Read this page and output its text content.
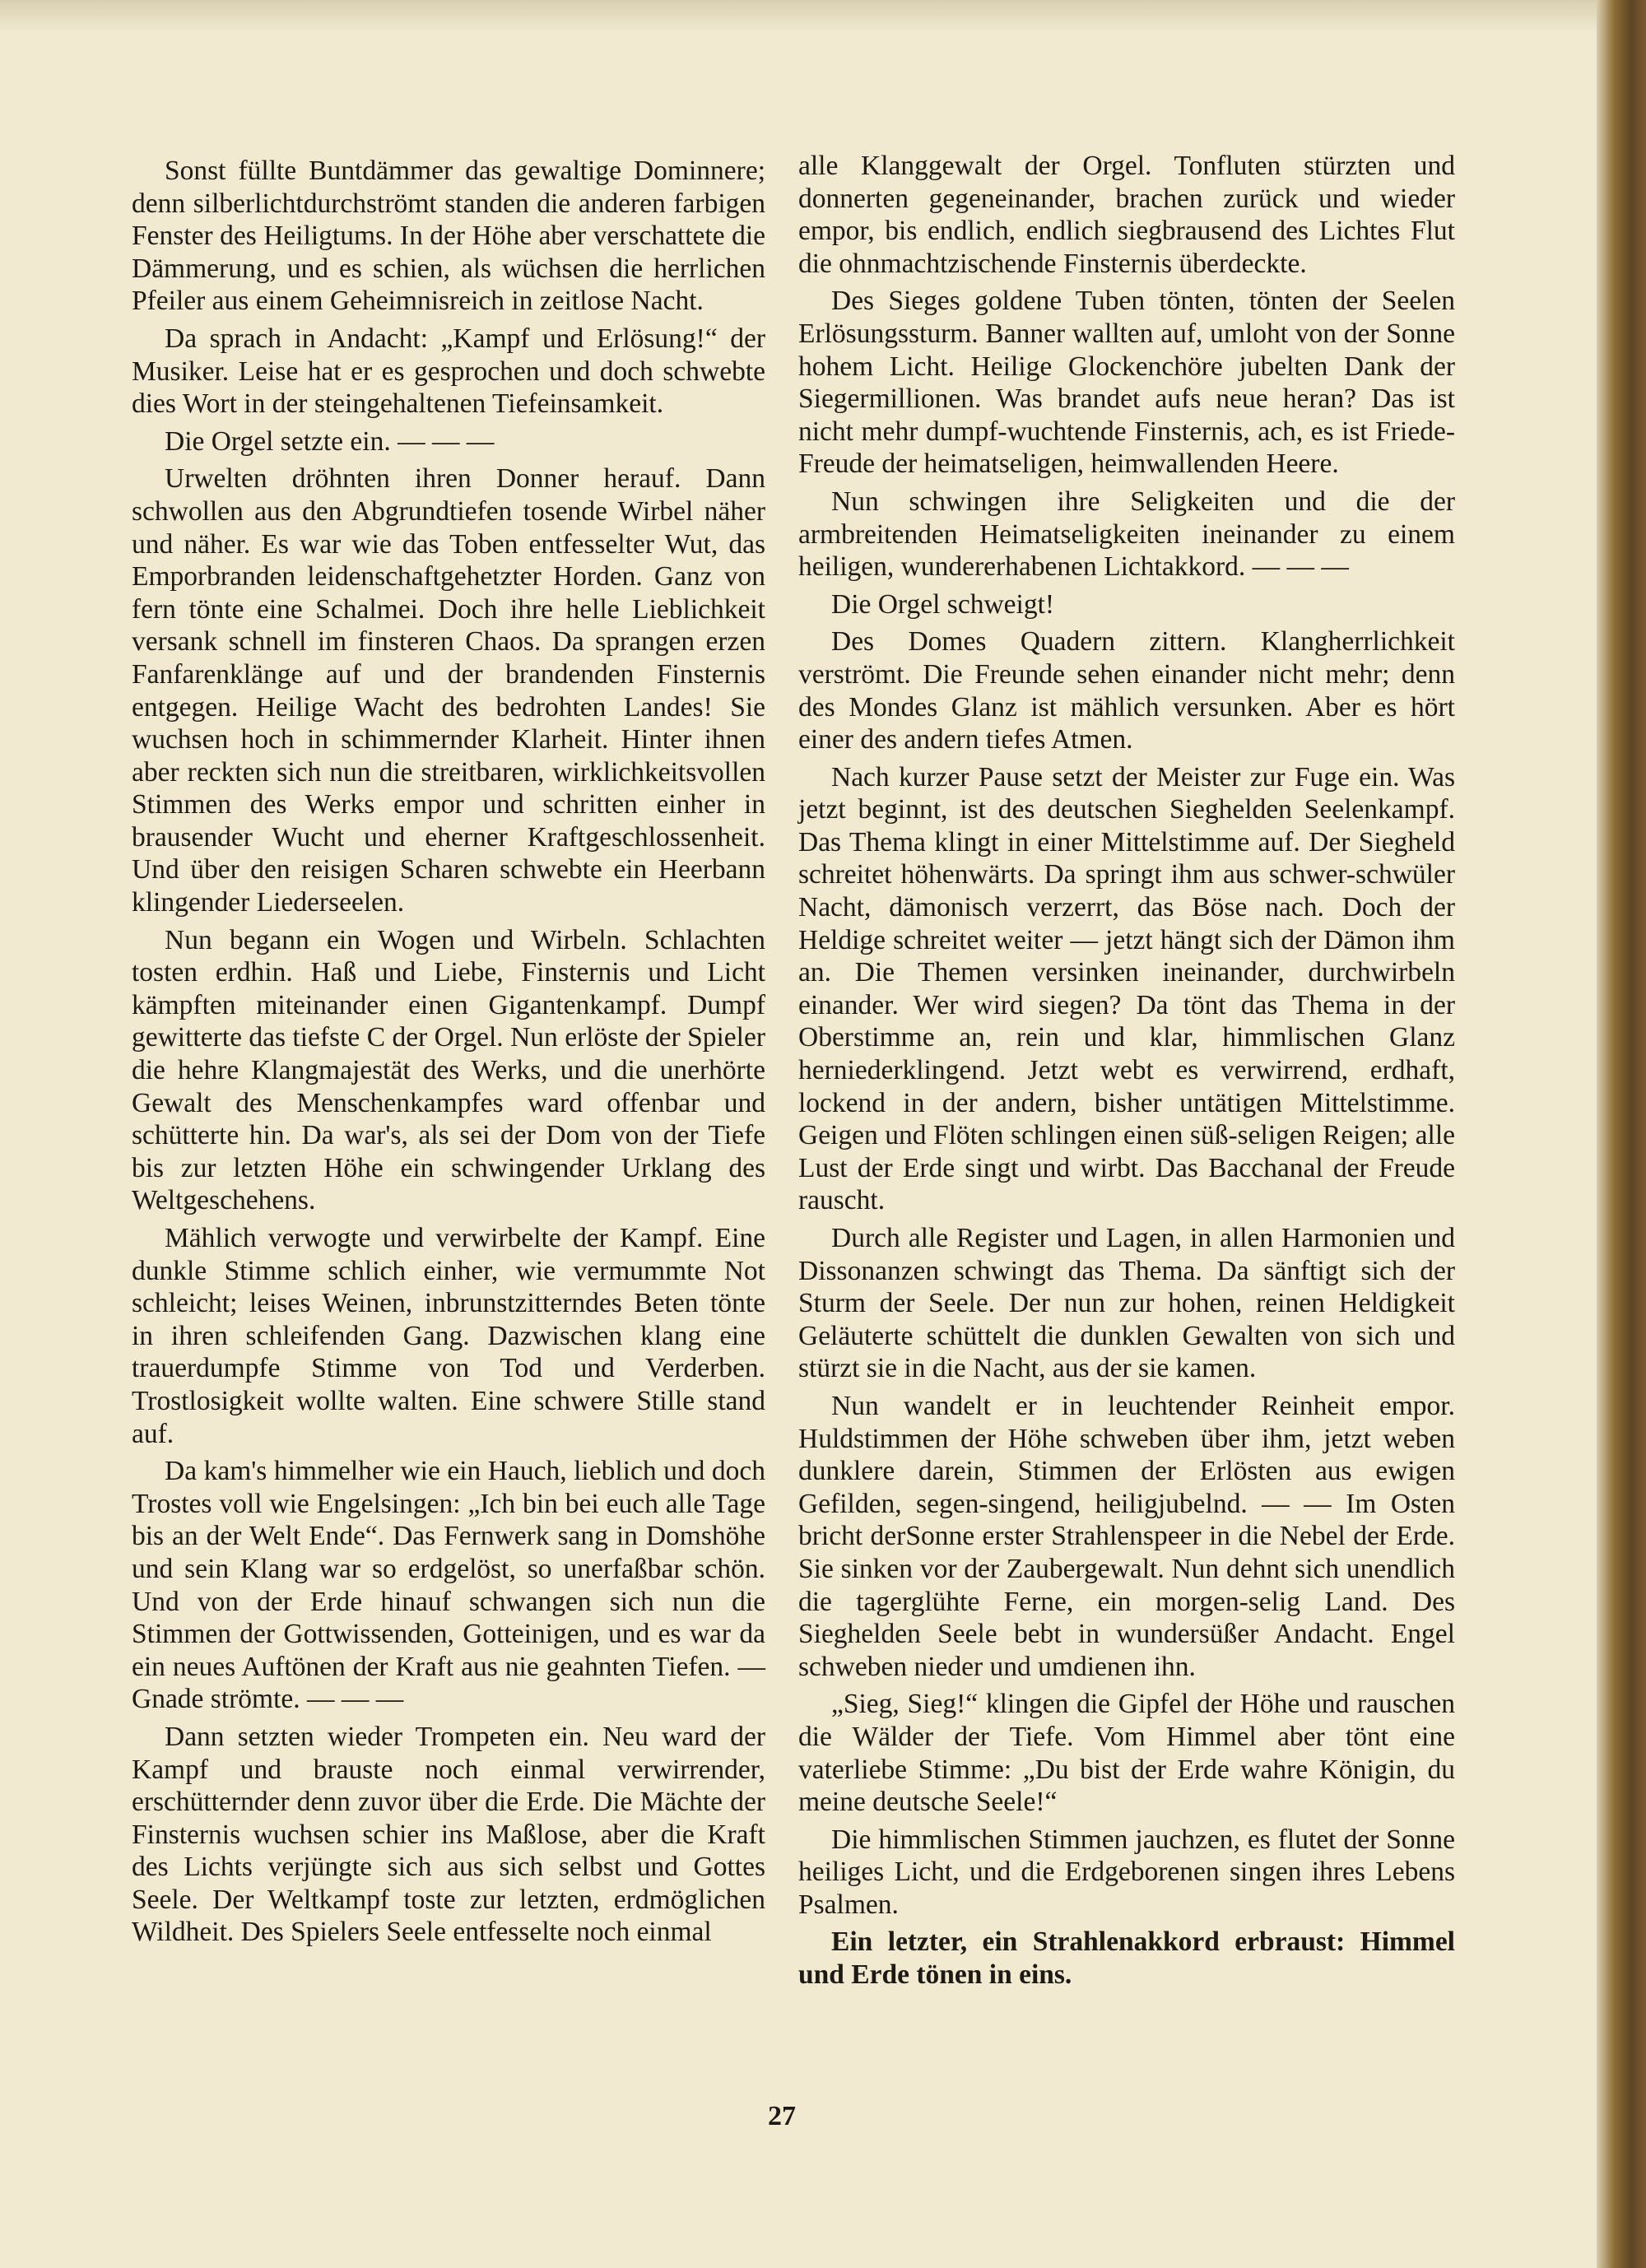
Sonst füllte Buntdämmer das gewaltige Dominnere; denn silberlichtdurchströmt standen die anderen farbigen Fenster des Heiligtums. In der Höhe aber verschattete die Dämmerung, und es schien, als wüchsen die herrlichen Pfeiler aus einem Geheimnisreich in zeitlose Nacht.

Da sprach in Andacht: „Kampf und Erlösung!“ der Musiker. Leise hat er es gesprochen und doch schwebte dies Wort in der steingehaltenen Tiefeinsamkeit.

Die Orgel setzte ein. — — —

Urwelten dröhnten ihren Donner herauf. Dann schwollen aus den Abgrundtiefen tosende Wirbel näher und näher. Es war wie das Toben entfesselter Wut, das Emporbranden leidenschaftgehetzter Horden. Ganz von fern tönte eine Schalmei. Doch ihre helle Lieblichkeit versank schnell im finsteren Chaos. Da sprangen erzen Fanfarenklänge auf und der brandenden Finsternis entgegen. Heilige Wacht des bedrohten Landes! Sie wuchsen hoch in schimmernder Klarheit. Hinter ihnen aber reckten sich nun die streitbaren, wirklichkeitsvollen Stimmen des Werks empor und schritten einher in brausender Wucht und eherner Kraftgeschlossenheit. Und über den reisigen Scharen schwebte ein Heerbann klingender Liederseelen.

Nun begann ein Wogen und Wirbeln. Schlachten tosten erdhin. Haß und Liebe, Finsternis und Licht kämpften miteinander einen Gigantenkampf. Dumpf gewitterte das tiefste C der Orgel. Nun erlöste der Spieler die hehre Klangmajestät des Werks, und die unerhörte Gewalt des Menschenkampfes ward offenbar und schütterte hin. Da war's, als sei der Dom von der Tiefe bis zur letzten Höhe ein schwingender Urklang des Weltgeschehens.

Mählich verwogte und verwirbelte der Kampf. Eine dunkle Stimme schlich einher, wie vermummte Not schleicht; leises Weinen, inbrunstzitterndes Beten tönte in ihren schleifenden Gang. Dazwischen klang eine trauerdumpfe Stimme von Tod und Verderben. Trostlosigkeit wollte walten. Eine schwere Stille stand auf.

Da kam's himmelher wie ein Hauch, lieblich und doch Trostes voll wie Engelsingen: „Ich bin bei euch alle Tage bis an der Welt Ende“. Das Fernwerk sang in Domshöhe und sein Klang war so erdgelöst, so unerfaßbar schön. Und von der Erde hinauf schwangen sich nun die Stimmen der Gottwissenden, Gotteinigen, und es war da ein neues Auftönen der Kraft aus nie geahnten Tiefen. — Gnade strömte. — — —

Dann setzten wieder Trompeten ein. Neu ward der Kampf und brauste noch einmal verwirrender, erschütternder denn zuvor über die Erde. Die Mächte der Finsternis wuchsen schier ins Maßlose, aber die Kraft des Lichts verjüngte sich aus sich selbst und Gottes Seele. Der Weltkampf toste zur letzten, erdmöglichen Wildheit. Des Spielers Seele entfesselte noch einmal

alle Klanggewalt der Orgel. Tonfluten stürzten und donnerten gegeneinander, brachen zurück und wieder empor, bis endlich, endlich siegbrausend des Lichtes Flut die ohnmachtzischende Finsternis überdeckte.

Des Sieges goldene Tuben tönten, tönten der Seelen Erlösungssturm. Banner wallten auf, umloht von der Sonne hohem Licht. Heilige Glockenchöre jubelten Dank der Siegermillionen. Was brandet aufs neue heran? Das ist nicht mehr dumpf-wuchtende Finsternis, ach, es ist Friede-Freude der heimatseligen, heimwallenden Heere.

Nun schwingen ihre Seligkeiten und die der armbreitenden Heimatseligkeiten ineinander zu einem heiligen, wundererhabenen Lichtakkord. — — —

Die Orgel schweigt!

Des Domes Quadern zittern. Klangherrlichkeit verströmt. Die Freunde sehen einander nicht mehr; denn des Mondes Glanz ist mählich versunken. Aber es hört einer des andern tiefes Atmen.

Nach kurzer Pause setzt der Meister zur Fuge ein. Was jetzt beginnt, ist des deutschen Sieghelden Seelenkampf. Das Thema klingt in einer Mittelstimme auf. Der Siegheld schreitet höhenwärts. Da springt ihm aus schwer-schwüler Nacht, dämonisch verzerrt, das Böse nach. Doch der Heldige schreitet weiter — jetzt hängt sich der Dämon ihm an. Die Themen versinken ineinander, durchwirbeln einander. Wer wird siegen? Da tönt das Thema in der Oberstimme an, rein und klar, himmlischen Glanz herniederklingend. Jetzt webt es verwirrend, erdhaft, lockend in der andern, bisher untätigen Mittelstimme. Geigen und Flöten schlingen einen süß-seligen Reigen; alle Lust der Erde singt und wirbt. Das Bacchanal der Freude rauscht.

Durch alle Register und Lagen, in allen Harmonien und Dissonanzen schwingt das Thema. Da sänftigt sich der Sturm der Seele. Der nun zur hohen, reinen Heldigkeit Geläuterte schüttelt die dunklen Gewalten von sich und stürzt sie in die Nacht, aus der sie kamen.

Nun wandelt er in leuchtender Reinheit empor. Huldstimmen der Höhe schweben über ihm, jetzt weben dunklere darein, Stimmen der Erlösten aus ewigen Gefilden, segen-singend, heiligjubelnd. — — Im Osten bricht derSonne erster Strahlenspeer in die Nebel der Erde. Sie sinken vor der Zaubergewalt. Nun dehnt sich unendlich die tagerglühte Ferne, ein morgen-selig Land. Des Sieghelden Seele bebt in wundersüßer Andacht. Engel schweben nieder und umdienen ihn.

„Sieg, Sieg!“ klingen die Gipfel der Höhe und rauschen die Wälder der Tiefe. Vom Himmel aber tönt eine vaterliebe Stimme: „Du bist der Erde wahre Königin, du meine deutsche Seele!“

Die himmlischen Stimmen jauchzen, es flutet der Sonne heiliges Licht, und die Erdgeborenen singen ihres Lebens Psalmen.

Ein letzter, ein Strahlenakkord erbraust: Himmel und Erde tönen in eins.

27
